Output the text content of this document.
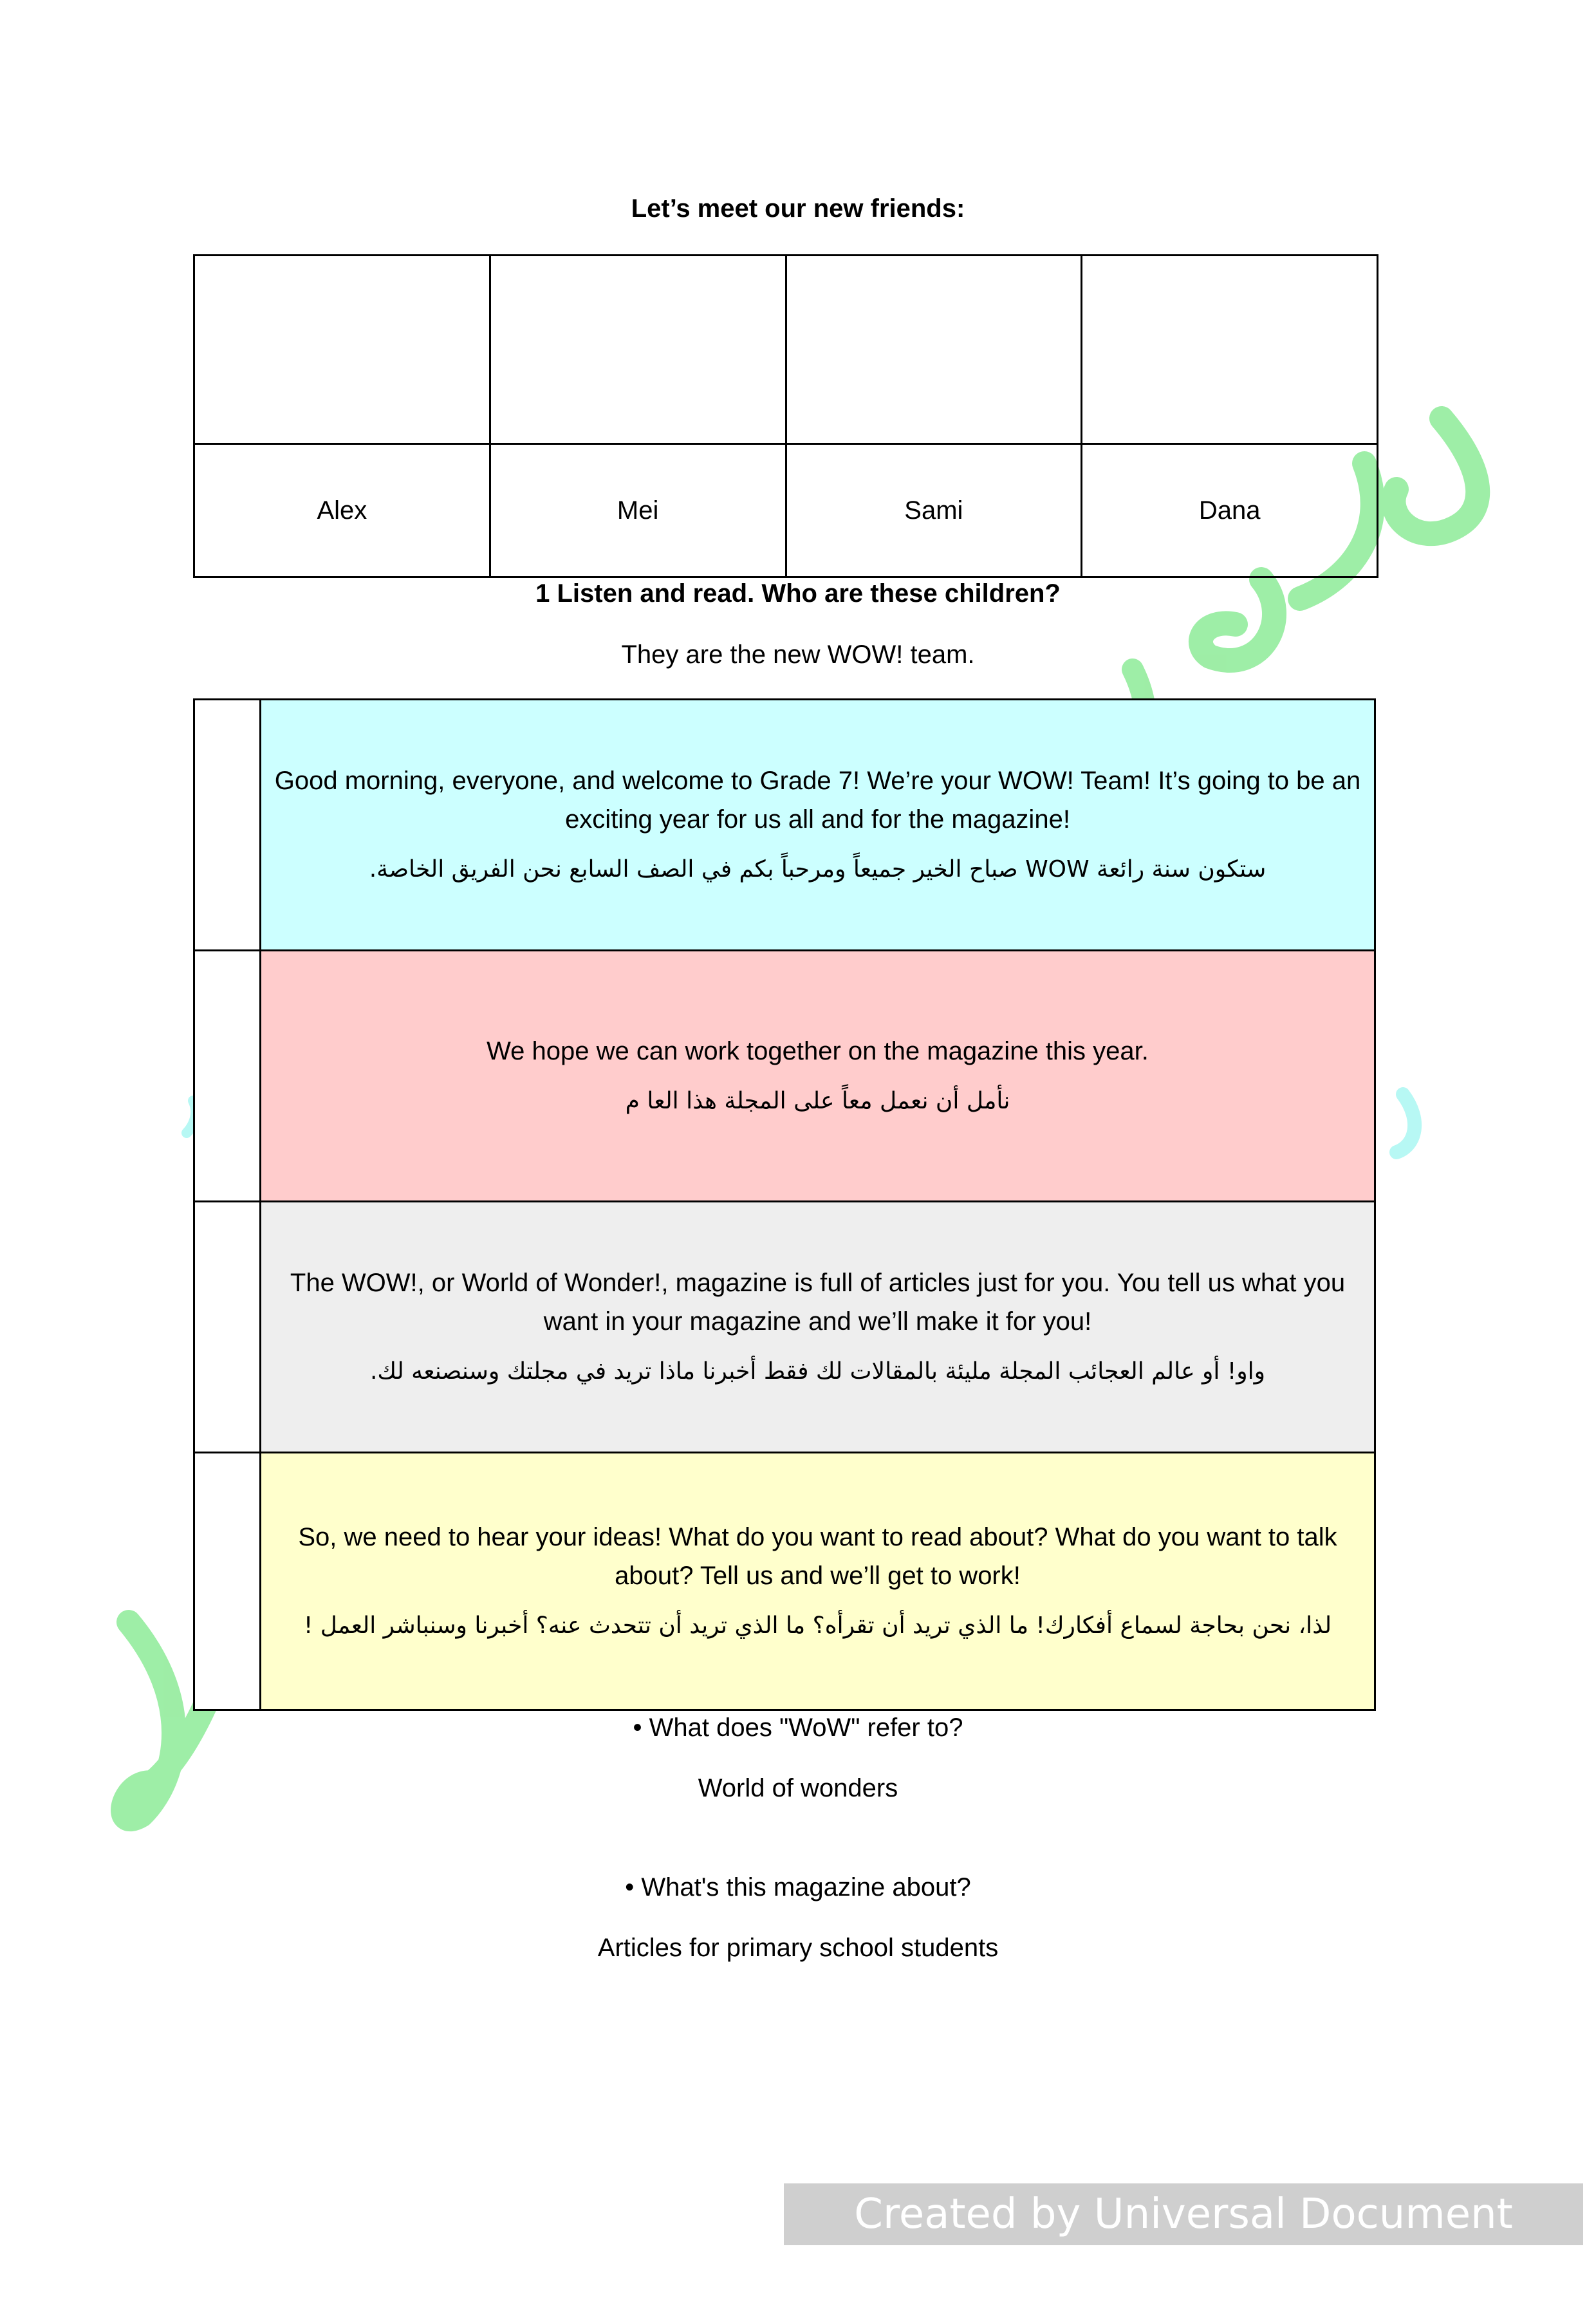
Let’s meet our new friends:

Alex	Mei	Sami	Dana
1 Listen and read. Who are these children?
They are the new WOW! team.

	Good morning, everyone, and welcome to Grade 7! We’re your WOW! Team! It’s going to be an exciting year for us all and for the magazine!
ستكون سنة رائعة WOW صباح الخير جميعاً ومرحباً بكم في الصف السابع نحن الفريق الخاصة.

	We hope we can work together on the magazine this year.
نأمل أن نعمل معاً على المجلة هذا العا م

	The WOW!, or World of Wonder!, magazine is full of articles just for you. You tell us what you want in your magazine and we’ll make it for you!
واو! أو عالم العجائب المجلة مليئة بالمقالات لك فقط أخبرنا ماذا تريد في مجلتك وسنصنعه لك.

	So, we need to hear your ideas! What do you want to read about? What do you want to talk about? Tell us and we’ll get to work!
لذا، نحن بحاجة لسماع أفكارك! ما الذي تريد أن تقرأه؟ ما الذي تريد أن تتحدث عنه؟ أخبرنا وسنباشر العمل !
• What does "WoW" refer to?
World of wonders
• What's this magazine about?
Articles for primary school students
Created by Universal Document Converter
